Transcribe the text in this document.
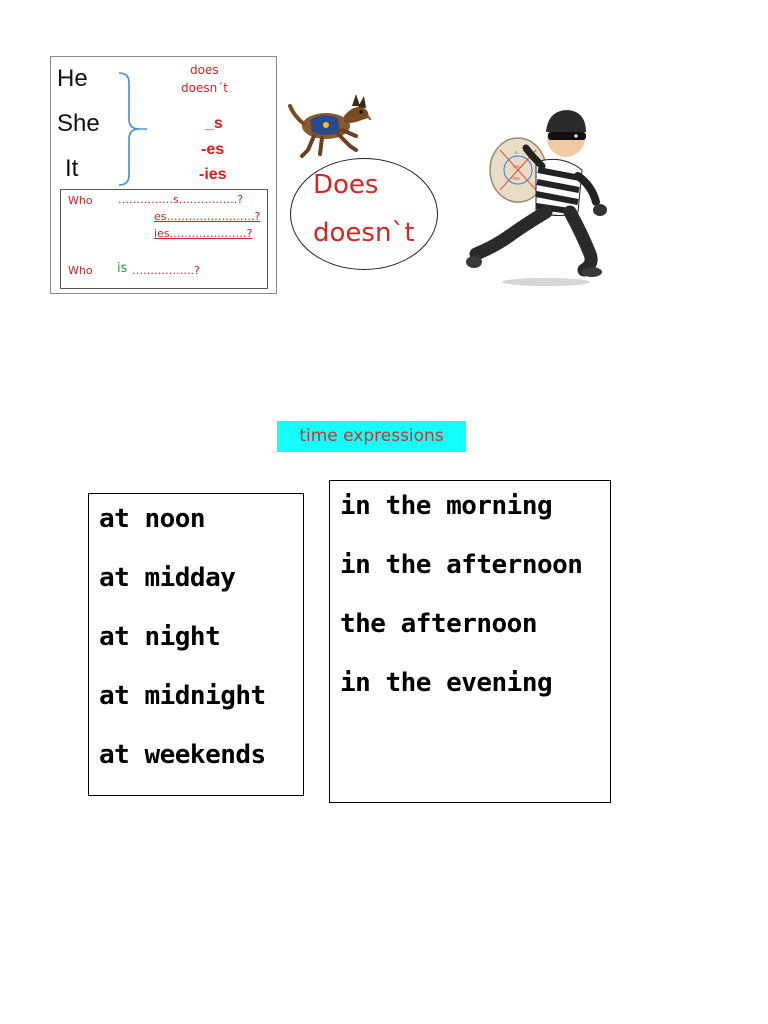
He
She
It
does
doesn´t
_s
-es
-ies
Who ……………s…………….?
es……………………?
ies…………………?
Who is ……………..?
Does
doesn`t
s
-es
-ies
time expressions
at noon
at midday
at night
at midnight
at weekends
in the morning
in the afternoon
the afternoon
in the evening
